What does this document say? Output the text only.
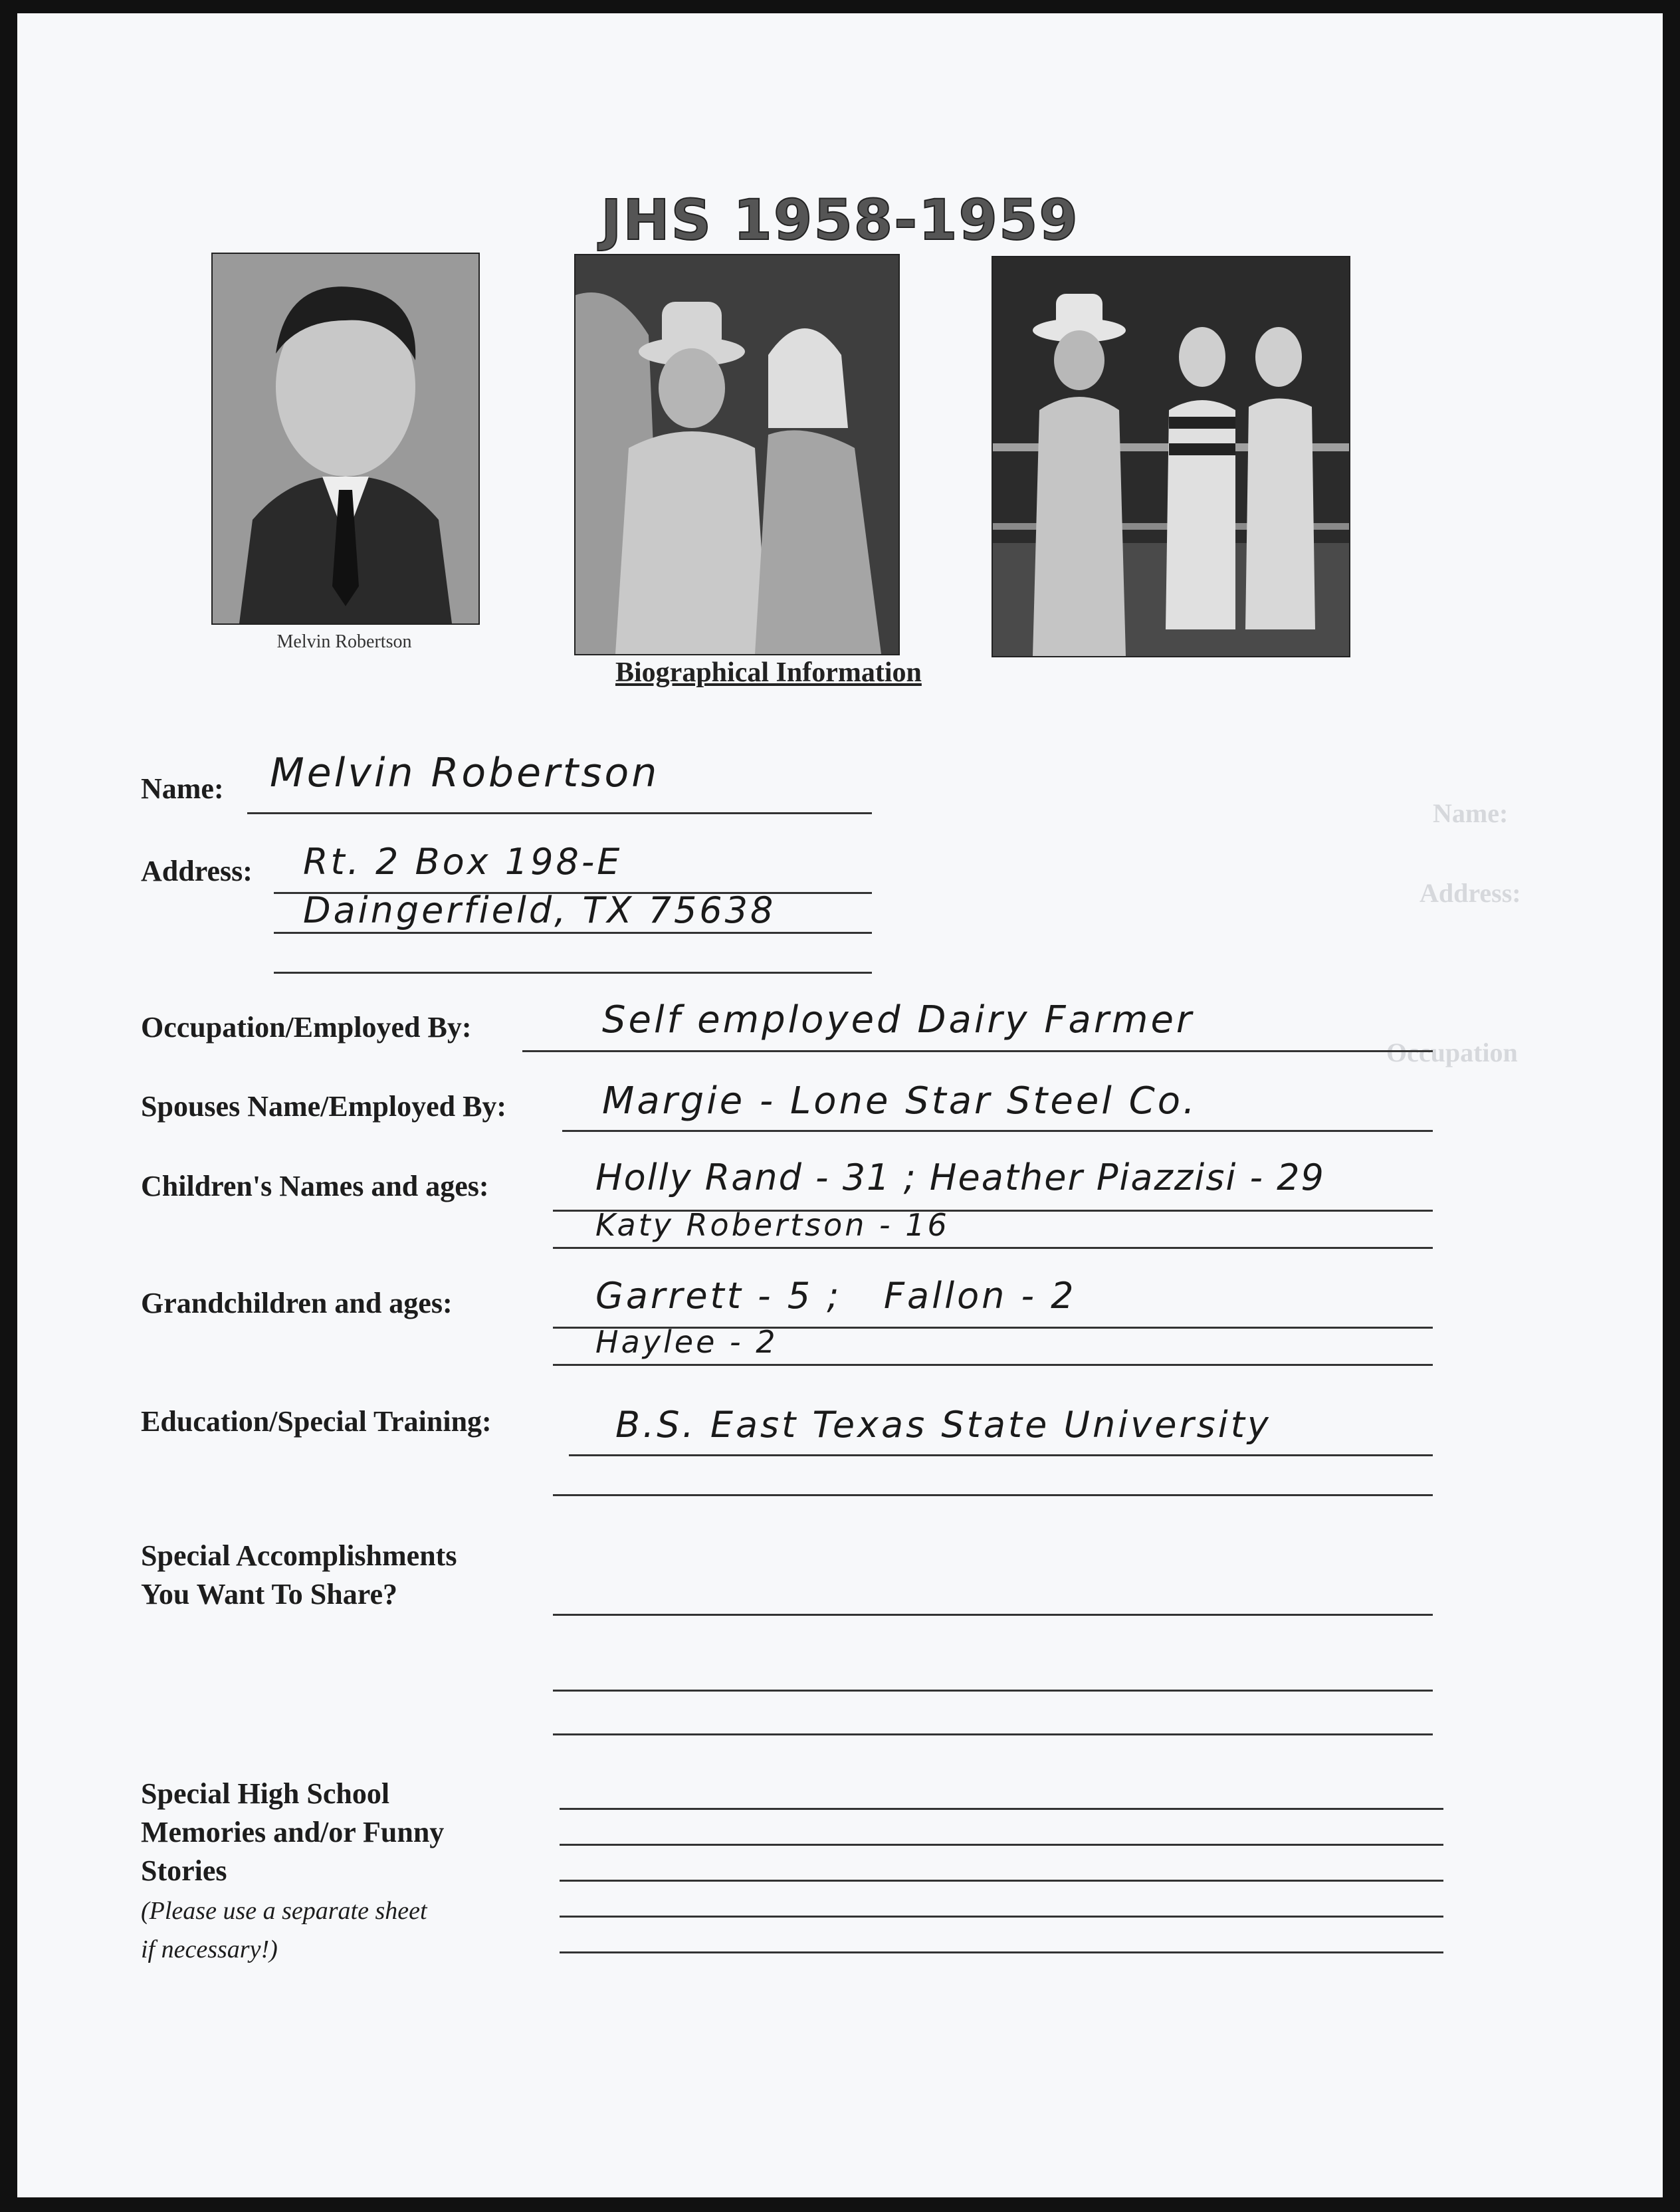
Name:
Address:
Occupation
JHS 1958-1959
Melvin Robertson
Biographical Information
Name: Melvin Robertson
Address: Rt. 2 Box 198-E
Daingerfield, TX 75638
Occupation/Employed By:	Self employed Dairy Farmer
Spouses Name/Employed By:	Margie - Lone Star Steel Co.
Children's Names and ages:	Holly Rand - 31 ; Heather Piazzisi - 29
Katy Robertson - 16
Grandchildren and ages:	Garrett - 5 ;   Fallon - 2
Haylee - 2
Education/Special Training:	B.S. East Texas State University
Special Accomplishments
You Want To Share?
Special High School
Memories and/or Funny
Stories
(Please use a separate sheet
if necessary!)
